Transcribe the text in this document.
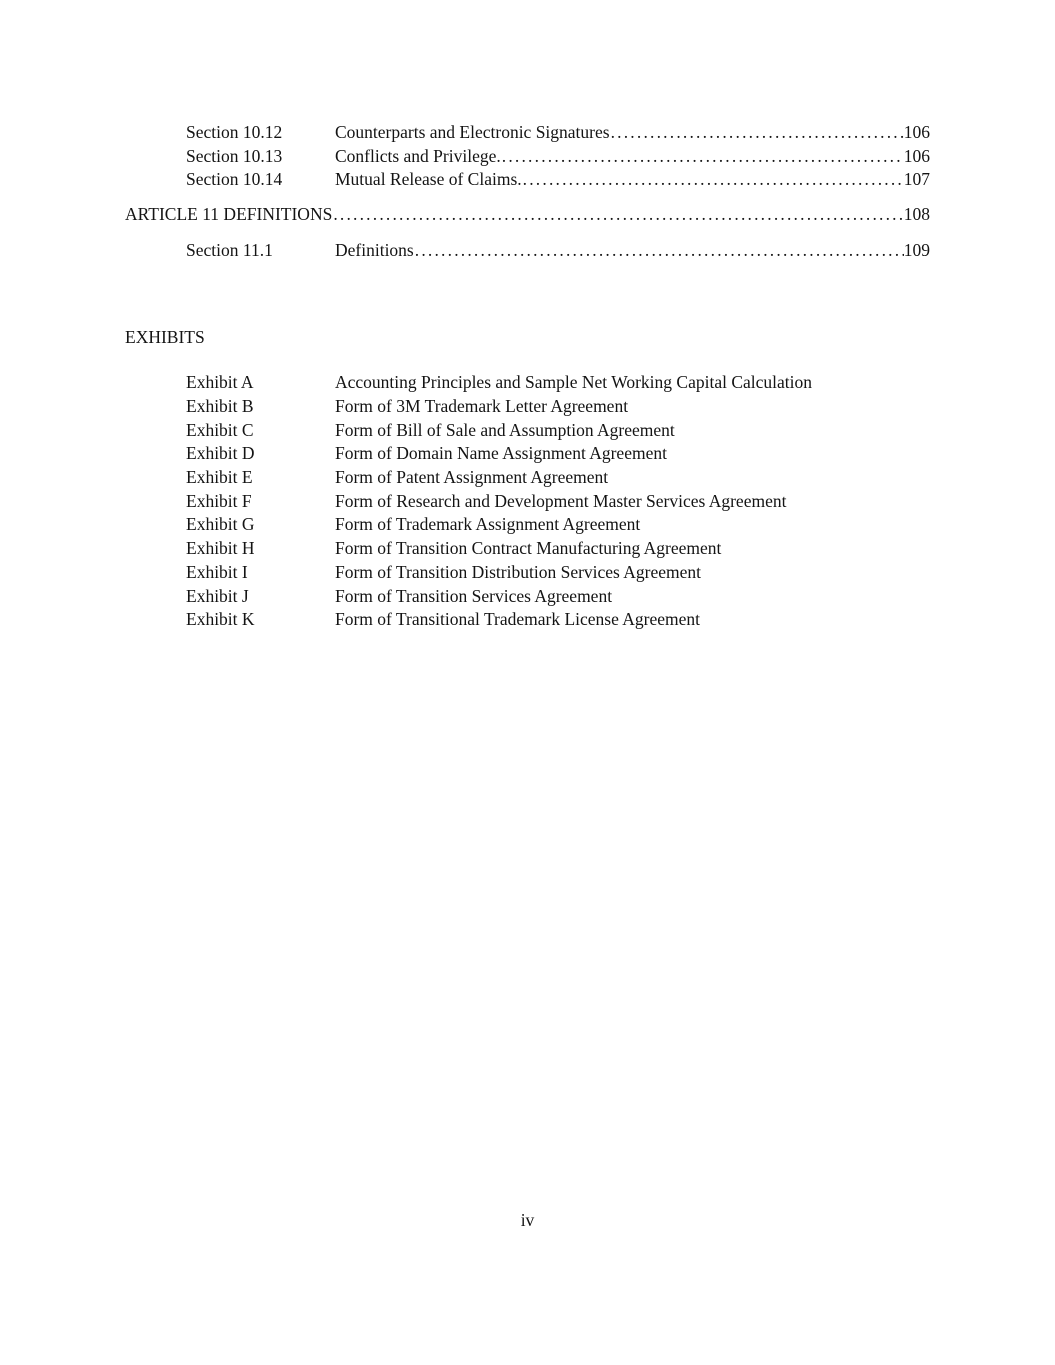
Section 10.12	Counterparts and Electronic Signatures .....	106
Section 10.13	Conflicts and Privilege. .....	106
Section 10.14	Mutual Release of Claims. .....	107
ARTICLE 11 DEFINITIONS .....	108
Section 11.1	Definitions .....	109
EXHIBITS
Exhibit A	Accounting Principles and Sample Net Working Capital Calculation
Exhibit B	Form of 3M Trademark Letter Agreement
Exhibit C	Form of Bill of Sale and Assumption Agreement
Exhibit D	Form of Domain Name Assignment Agreement
Exhibit E	Form of Patent Assignment Agreement
Exhibit F	Form of Research and Development Master Services Agreement
Exhibit G	Form of Trademark Assignment Agreement
Exhibit H	Form of Transition Contract Manufacturing Agreement
Exhibit I	Form of Transition Distribution Services Agreement
Exhibit J	Form of Transition Services Agreement
Exhibit K	Form of Transitional Trademark License Agreement
iv
